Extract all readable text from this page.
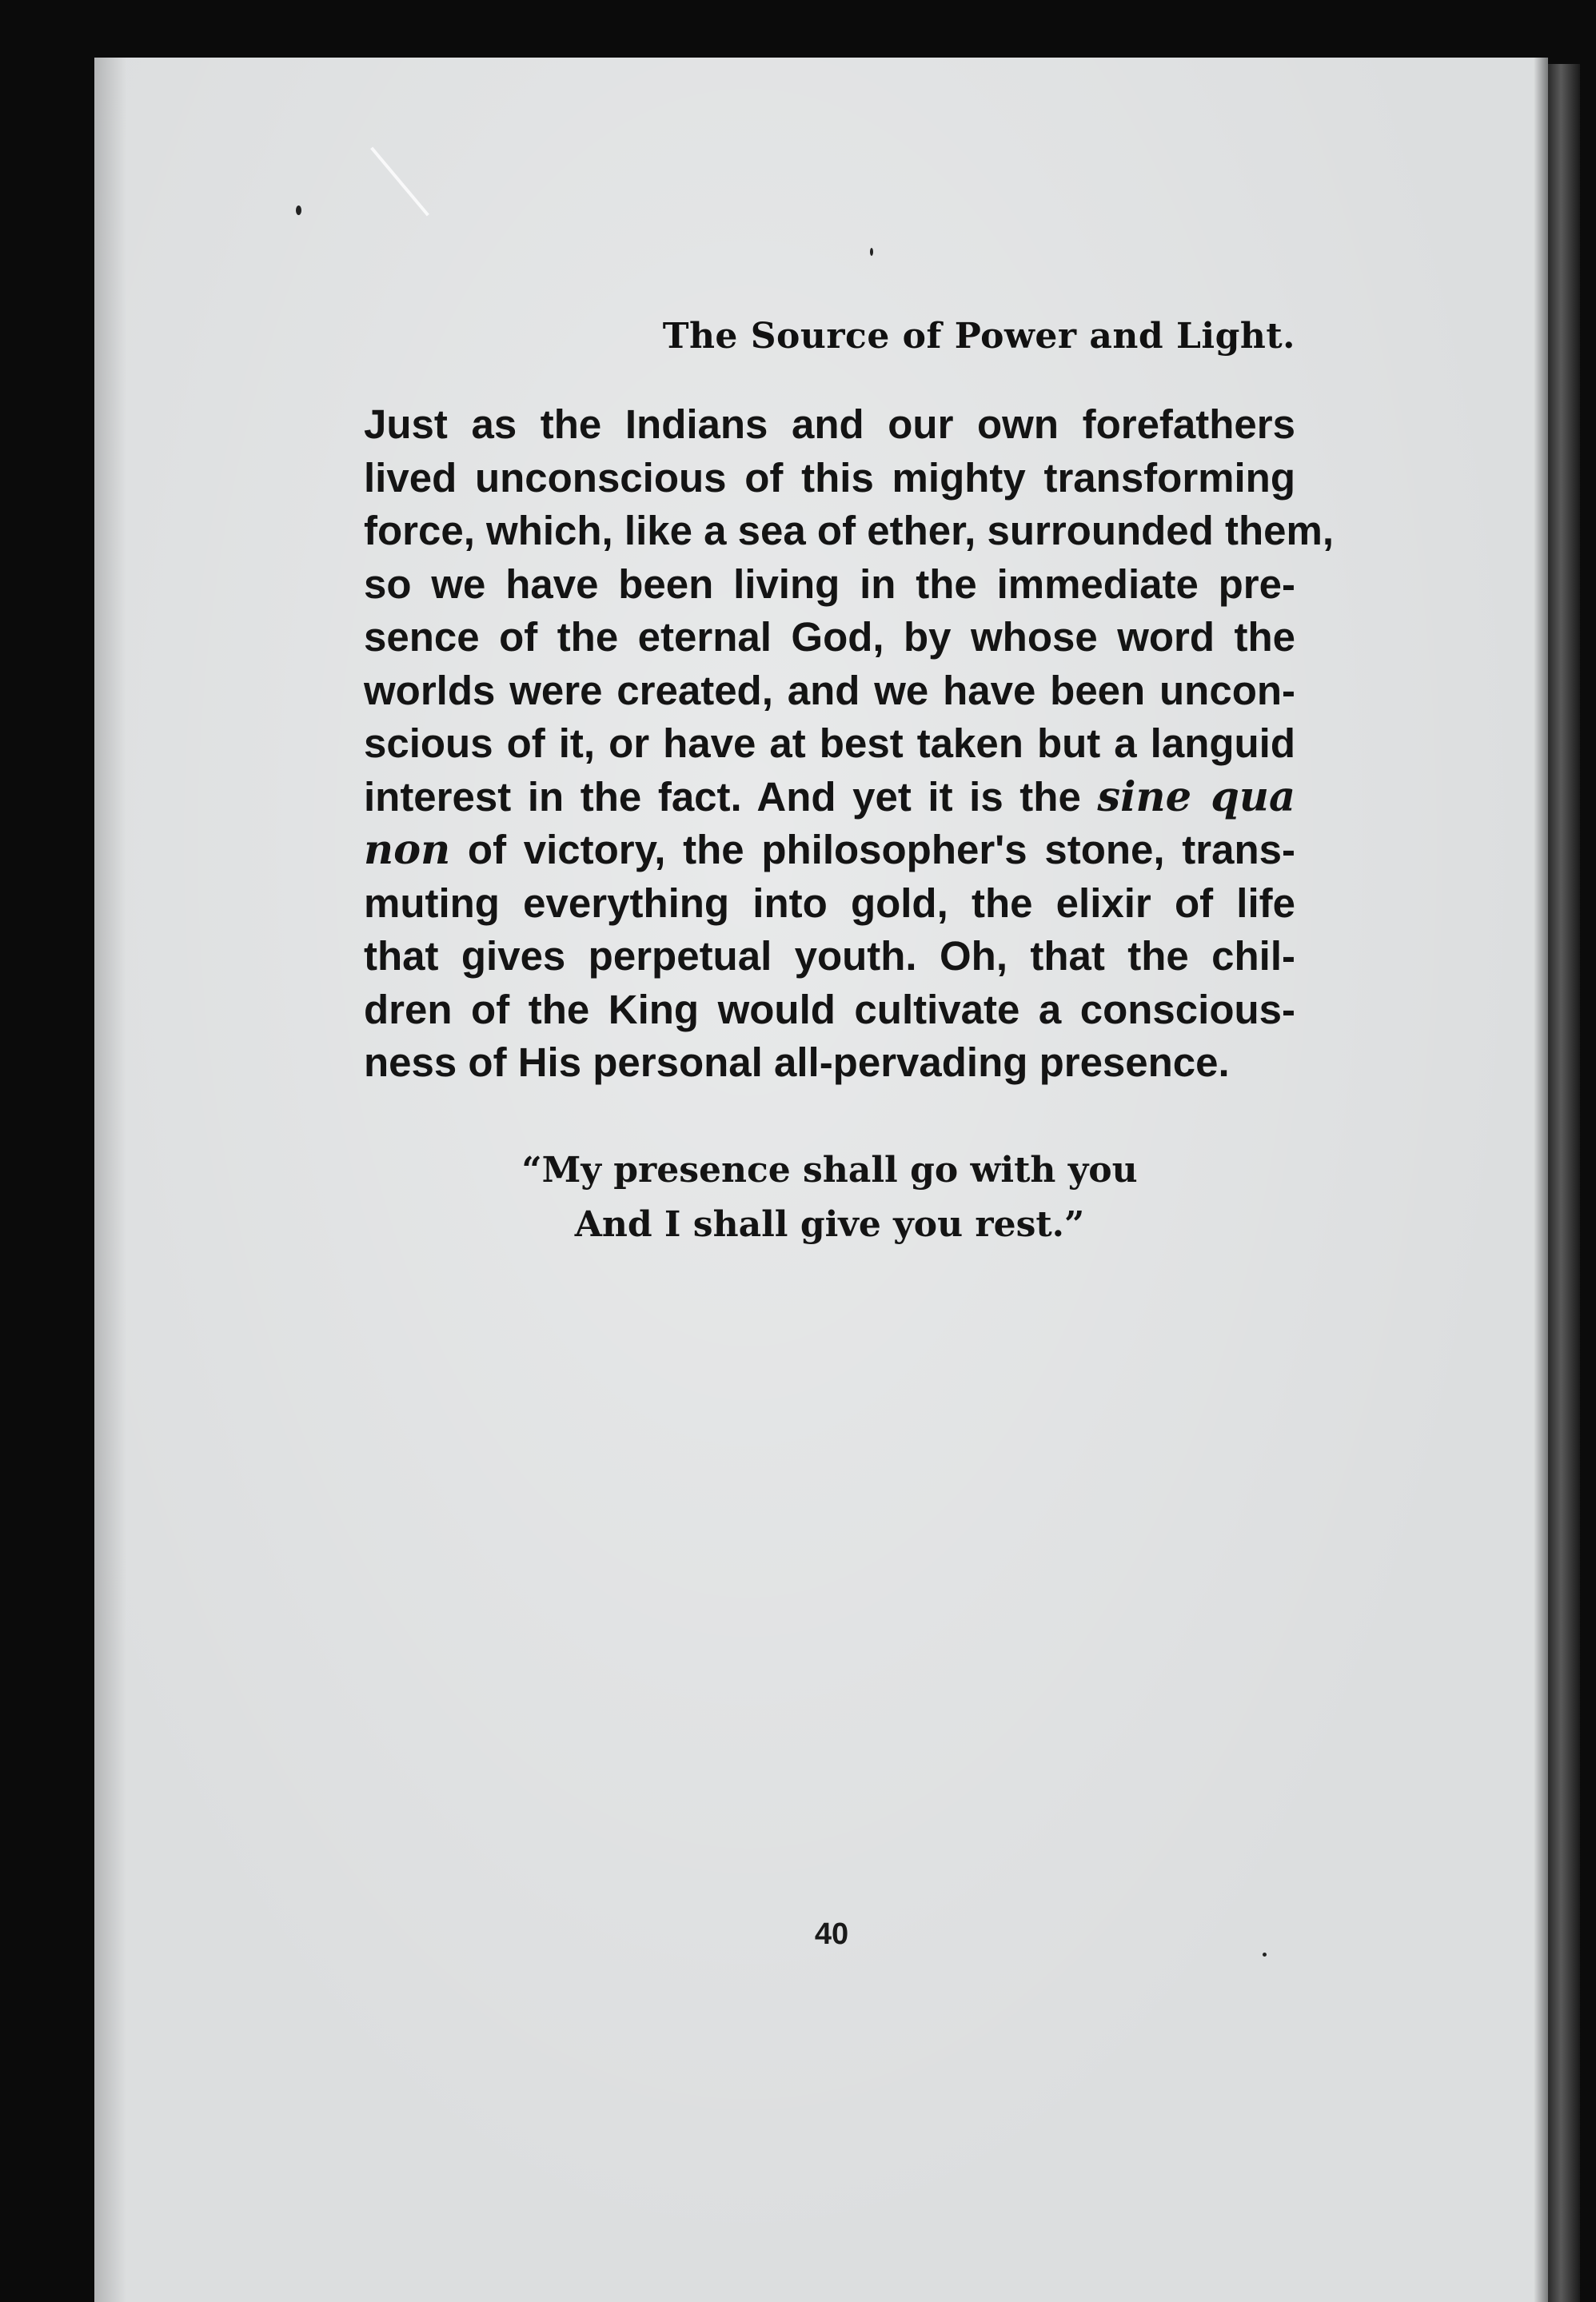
The Source of Power and Light.
Just as the Indians and our own forefathers
lived unconscious of this mighty transforming
force, which, like a sea of ether, surrounded them,
so we have been living in the immediate pre-
sence of the eternal God, by whose word the
worlds were created, and we have been uncon-
scious of it, or have at best taken but a languid
interest in the fact. And yet it is the sine qua
non of victory, the philosopher's stone, trans-
muting everything into gold, the elixir of life
that gives perpetual youth. Oh, that the chil-
dren of the King would cultivate a conscious-
ness of His personal all-pervading presence.
“My presence shall go with you
And I shall give you rest.”
40
